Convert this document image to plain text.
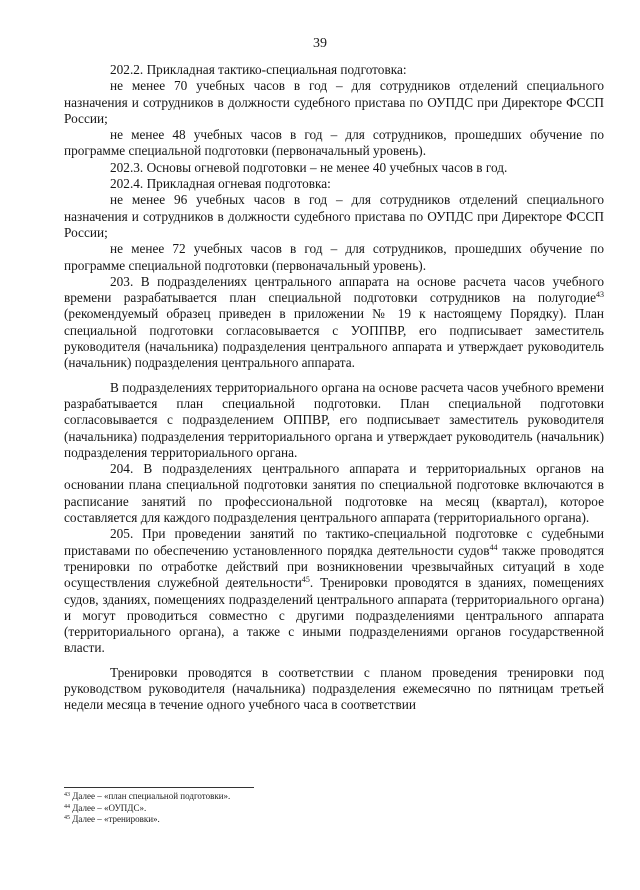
39

202.2. Прикладная тактико-специальная подготовка:

не менее 70 учебных часов в год – для сотрудников отделений специального назначения и сотрудников в должности судебного пристава по ОУПДС при Директоре ФССП России;

не менее 48 учебных часов в год – для сотрудников, прошедших обучение по программе специальной подготовки (первоначальный уровень).

202.3. Основы огневой подготовки – не менее 40 учебных часов в год.

202.4. Прикладная огневая подготовка:

не менее 96 учебных часов в год – для сотрудников отделений специального назначения и сотрудников в должности судебного пристава по ОУПДС при Директоре ФССП России;

не менее 72 учебных часов в год – для сотрудников, прошедших обучение по программе специальной подготовки (первоначальный уровень).

203. В подразделениях центрального аппарата на основе расчета часов учебного времени разрабатывается план специальной подготовки сотрудников на полугодие$^{43}$ (рекомендуемый образец приведен в приложении № 19 к настоящему Порядку). План специальной подготовки согласовывается с УОППВР, его подписывает заместитель руководителя (начальника) подразделения центрального аппарата и утверждает руководитель (начальник) подразделения центрального аппарата.

В подразделениях территориального органа на основе расчета часов учебного времени разрабатывается план специальной подготовки. План специальной подготовки согласовывается с подразделением ОППВР, его подписывает заместитель руководителя (начальника) подразделения территориального органа и утверждает руководитель (начальник) подразделения территориального органа.

204. В подразделениях центрального аппарата и территориальных органов на основании плана специальной подготовки занятия по специальной подготовке включаются в расписание занятий по профессиональной подготовке на месяц (квартал), которое составляется для каждого подразделения центрального аппарата (территориального органа).

205. При проведении занятий по тактико-специальной подготовке с судебными приставами по обеспечению установленного порядка деятельности судов$^{44}$ также проводятся тренировки по отработке действий при возникновении чрезвычайных ситуаций в ходе осуществления служебной деятельности$^{45}$. Тренировки проводятся в зданиях, помещениях судов, зданиях, помещениях подразделений центрального аппарата (территориального органа) и могут проводиться совместно с другими подразделениями центрального аппарата (территориального органа), а также с иными подразделениями органов государственной власти.

Тренировки проводятся в соответствии с планом проведения тренировки под руководством руководителя (начальника) подразделения ежемесячно по пятницам третьей недели месяца в течение одного учебного часа в соответствии

$^{43}$ Далее – «план специальной подготовки».

$^{44}$ Далее – «ОУПДС».

$^{45}$ Далее – «тренировки».
